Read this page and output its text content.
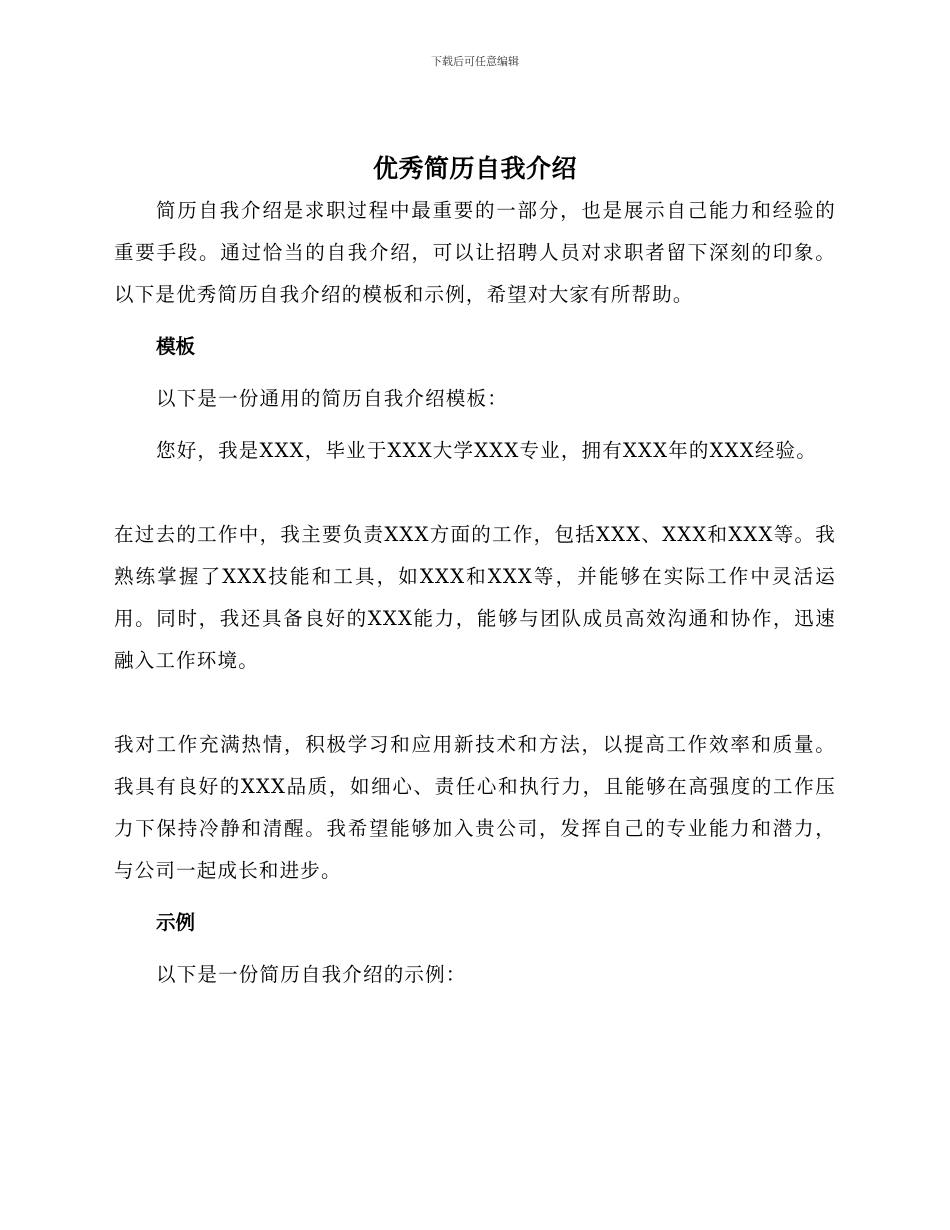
下载后可任意编辑
优秀简历自我介绍

简历自我介绍是求职过程中最重要的一部分，也是展示自己能力和经验的重要手段。通过恰当的自我介绍，可以让招聘人员对求职者留下深刻的印象。以下是优秀简历自我介绍的模板和示例，希望对大家有所帮助。

模板

以下是一份通用的简历自我介绍模板：

您好，我是XXX，毕业于XXX大学XXX专业，拥有XXX年的XXX经验。

在过去的工作中，我主要负责XXX方面的工作，包括XXX、XXX和XXX等。我熟练掌握了XXX技能和工具，如XXX和XXX等，并能够在实际工作中灵活运用。同时，我还具备良好的XXX能力，能够与团队成员高效沟通和协作，迅速融入工作环境。

我对工作充满热情，积极学习和应用新技术和方法，以提高工作效率和质量。我具有良好的XXX品质，如细心、责任心和执行力，且能够在高强度的工作压力下保持冷静和清醒。我希望能够加入贵公司，发挥自己的专业能力和潜力，与公司一起成长和进步。

示例

以下是一份简历自我介绍的示例：
